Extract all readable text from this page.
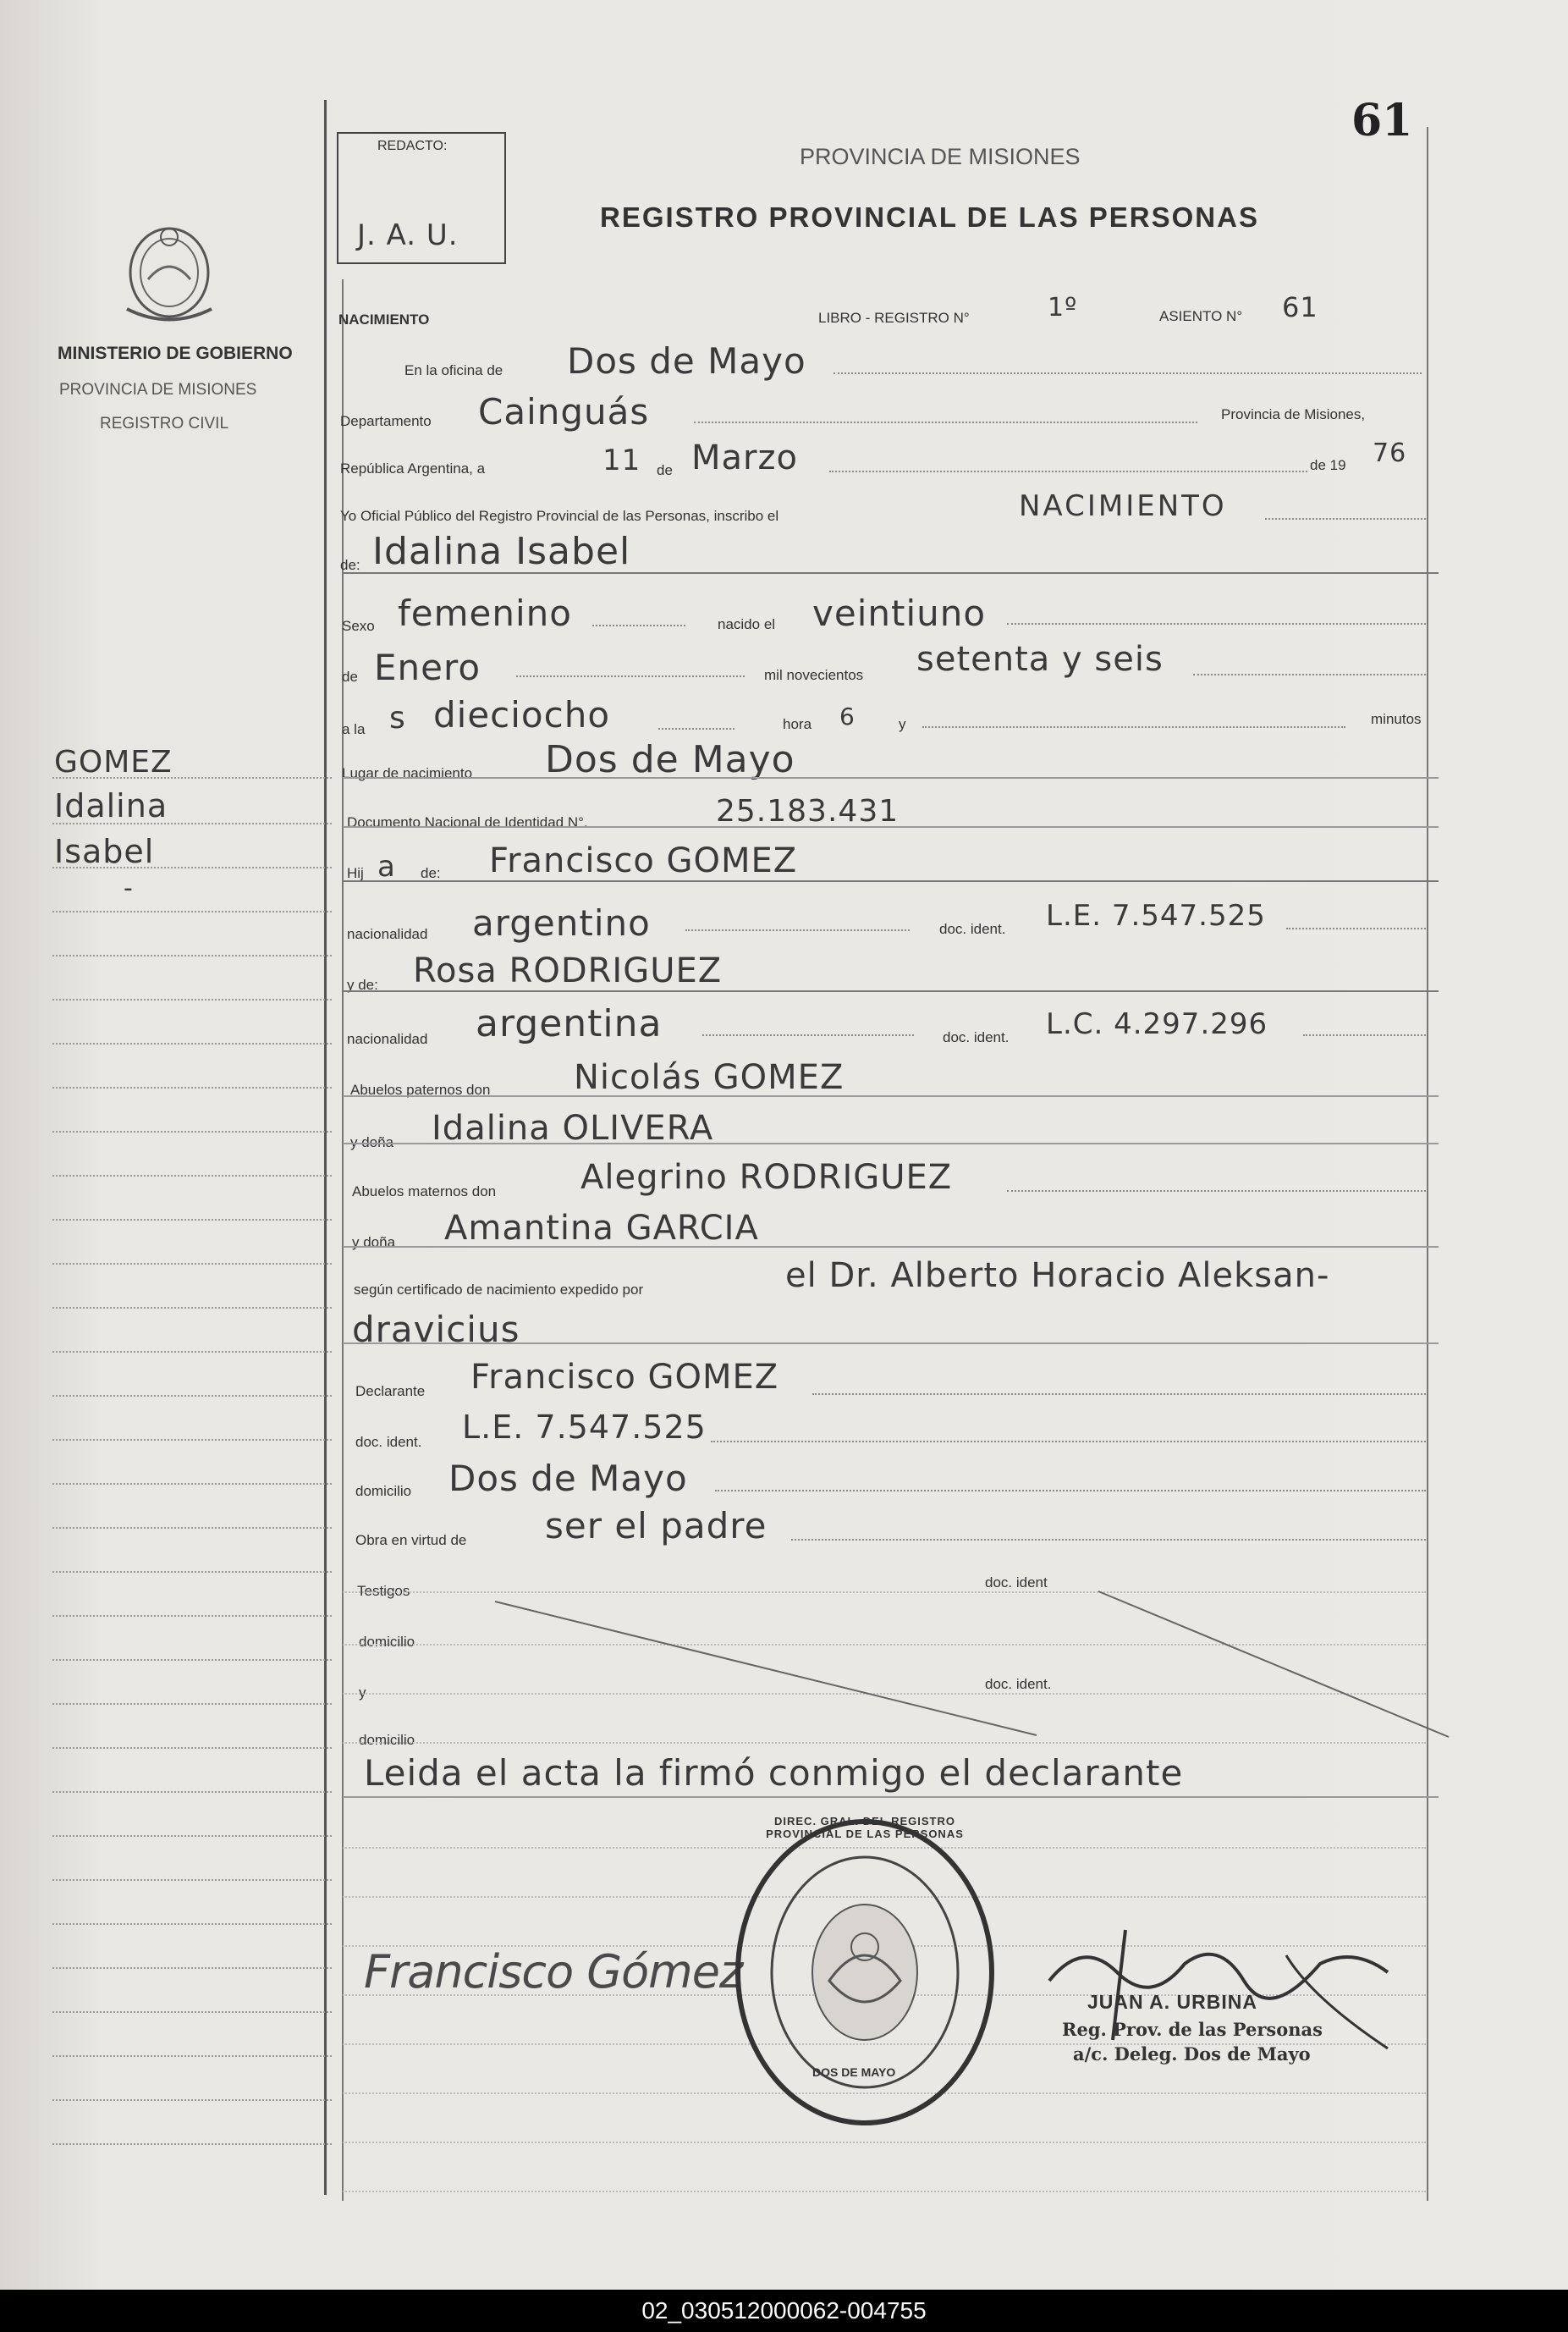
61
REDACTO:
J. A. U.
PROVINCIA DE MISIONES
REGISTRO PROVINCIAL DE LAS PERSONAS
MINISTERIO DE GOBIERNO
PROVINCIA DE MISIONES
REGISTRO CIVIL
GOMEZ
Idalina
Isabel
-
NACIMIENTO	LIBRO - REGISTRO N°	1º	ASIENTO N° 61
En la oficina de Dos de Mayo
Departamento Cainguás	Provincia de Misiones,
República Argentina, a	11 de Marzo	de 19 76
Yo Oficial Público del Registro Provincial de las Personas, inscribo el	NACIMIENTO
de: Idalina Isabel
Sexo femenino	nacido el veintiuno
de Enero	mil novecientos setenta y seis
a la s dieciocho	hora 6	y	minutos
Lugar de nacimiento Dos de Mayo
Documento Nacional de Identidad N°.	25.183.431
Hij a de: Francisco GOMEZ
nacionalidad argentino	doc. ident. L.E. 7.547.525
y de: Rosa RODRIGUEZ
nacionalidad argentina	doc. ident. L.C. 4.297.296
Abuelos paternos don Nicolás GOMEZ
y doña Idalina OLIVERA
Abuelos maternos don Alegrino RODRIGUEZ
y doña Amantina GARCIA
según certificado de nacimiento expedido por	el Dr. Alberto Horacio Aleksan-
dravicius
Declarante Francisco GOMEZ
doc. ident. L.E. 7.547.525
domicilio Dos de Mayo
Obra en virtud de ser el padre
Testigos
doc. ident
domicilio
y
doc. ident.
domicilio
Leida el acta la firmó conmigo el declarante
Francisco Gómez
DIREC. GRAL. DEL REGISTRO PROVINCIAL DE LAS PERSONAS
DOS DE MAYO
JUAN A. URBINA
Reg. Prov. de las Personas
a/c. Deleg. Dos de Mayo
02_030512000062-004755
